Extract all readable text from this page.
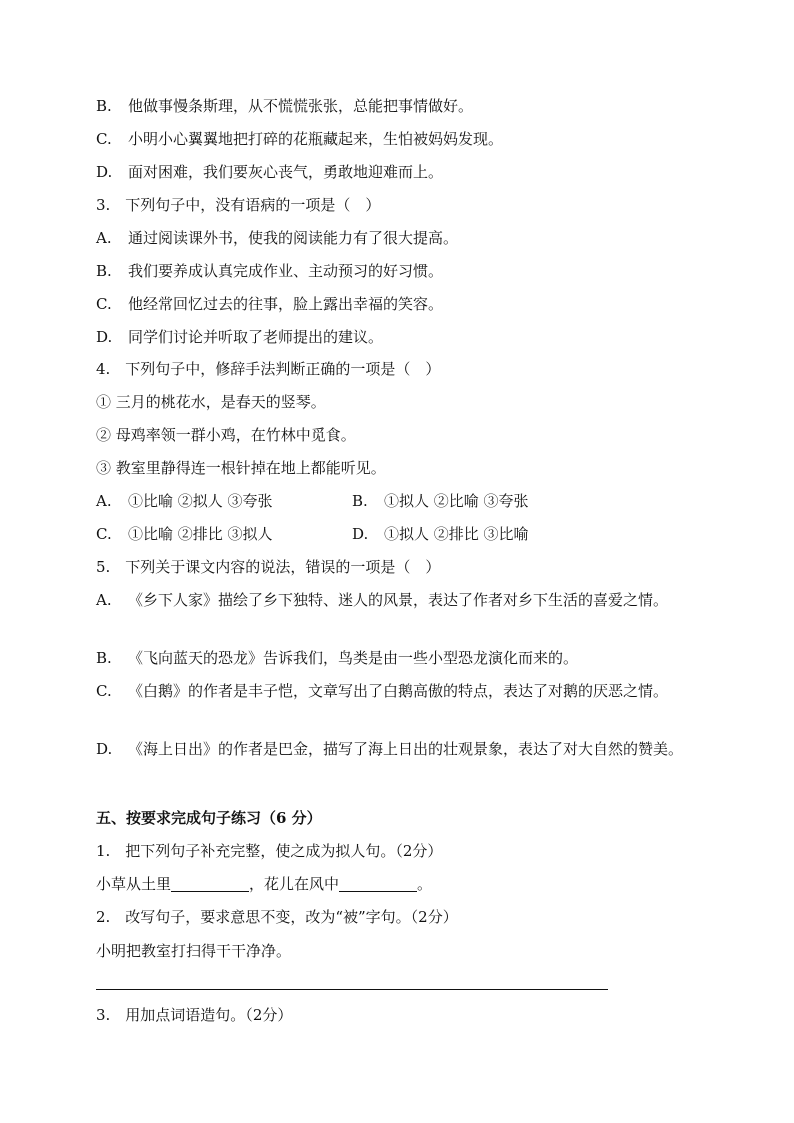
B. 他做事慢条斯理，从不慌慌张张，总能把事情做好。
C. 小明小心翼翼地把打碎的花瓶藏起来，生怕被妈妈发现。
D. 面对困难，我们要灰心丧气，勇敢地迎难而上。
3.　下列句子中，没有语病的一项是（　）
A. 通过阅读课外书，使我的阅读能力有了很大提高。
B. 我们要养成认真完成作业、主动预习的好习惯。
C. 他经常回忆过去的往事，脸上露出幸福的笑容。
D. 同学们讨论并听取了老师提出的建议。
4.　下列句子中，修辞手法判断正确的一项是（　）
① 三月的桃花水，是春天的竖琴。
② 母鸡率领一群小鸡，在竹林中觅食。
③ 教室里静得连一根针掉在地上都能听见。
A. ①比喻 ②拟人 ③夸张	B. ①拟人 ②比喻 ③夸张
C. ①比喻 ②排比 ③拟人	D. ①拟人 ②排比 ③比喻
5.　下列关于课文内容的说法，错误的一项是（　）
A. 《乡下人家》描绘了乡下独特、迷人的风景，表达了作者对乡下生活的喜爱之情。
B. 《飞向蓝天的恐龙》告诉我们，鸟类是由一些小型恐龙演化而来的。
C. 《白鹅》的作者是丰子恺，文章写出了白鹅高傲的特点，表达了对鹅的厌恶之情。
D. 《海上日出》的作者是巴金，描写了海上日出的壮观景象，表达了对大自然的赞美。
五、按要求完成句子练习（6 分）
1.　把下列句子补充完整，使之成为拟人句。（2分）
小草从土里	，花儿在风中	。
2.　改写句子，要求意思不变，改为“被”字句。（2分）
小明把教室打扫得干干净净。
3.　用加点词语造句。（2分）
